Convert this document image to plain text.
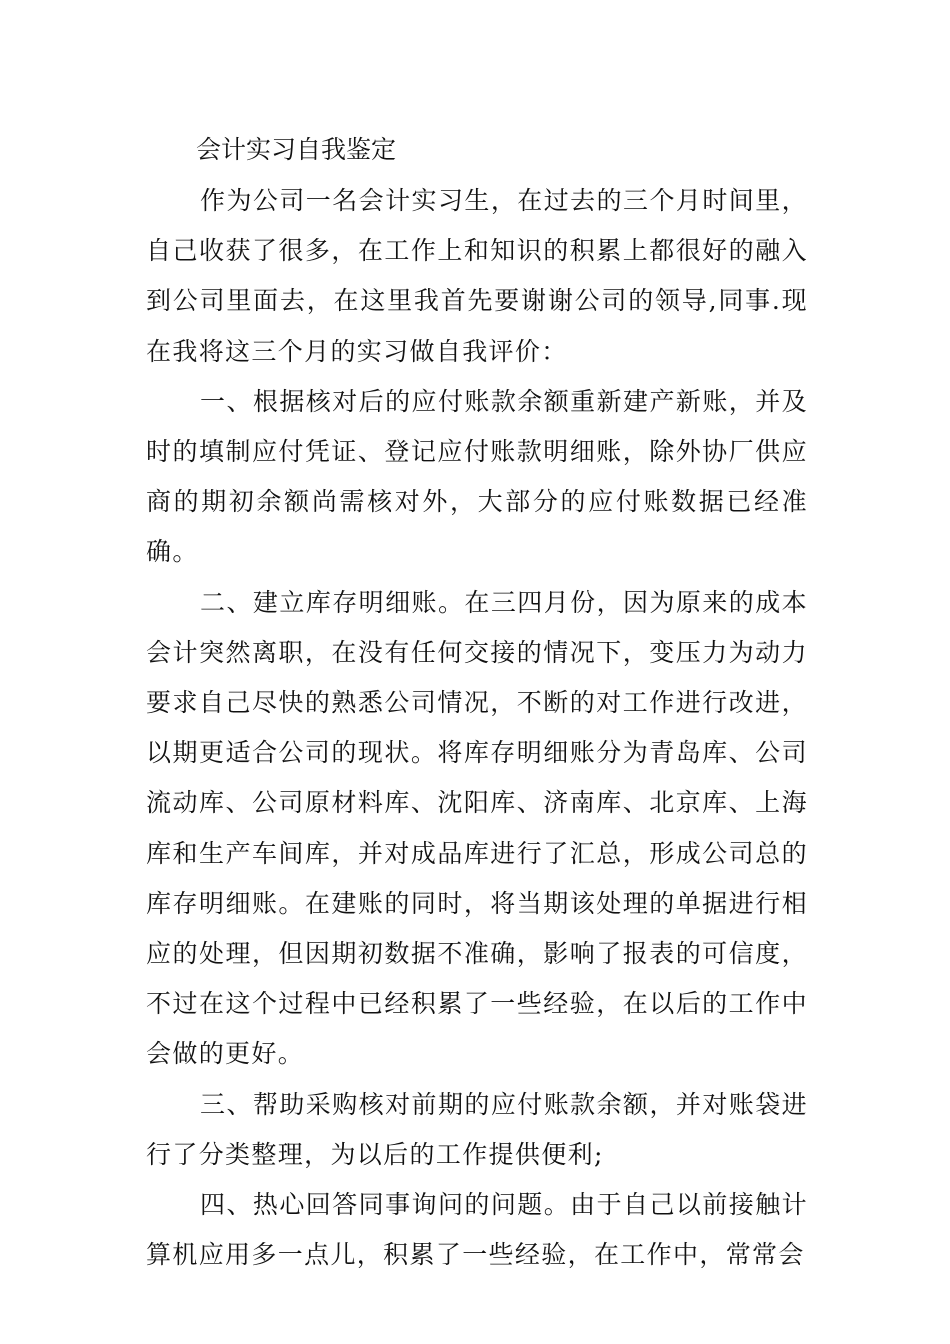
会计实习自我鉴定

作为公司一名会计实习生，在过去的三个月时间里，自己收获了很多，在工作上和知识的积累上都很好的融入到公司里面去，在这里我首先要谢谢公司的领导,同事.现在我将这三个月的实习做自我评价：

一、根据核对后的应付账款余额重新建产新账，并及时的填制应付凭证、登记应付账款明细账，除外协厂供应商的期初余额尚需核对外，大部分的应付账数据已经准确。

二、建立库存明细账。在三四月份，因为原来的成本会计突然离职，在没有任何交接的情况下，变压力为动力要求自己尽快的熟悉公司情况，不断的对工作进行改进，以期更适合公司的现状。将库存明细账分为青岛库、公司流动库、公司原材料库、沈阳库、济南库、北京库、上海库和生产车间库，并对成品库进行了汇总，形成公司总的库存明细账。在建账的同时，将当期该处理的单据进行相应的处理，但因期初数据不准确，影响了报表的可信度，不过在这个过程中已经积累了一些经验，在以后的工作中会做的更好。

三、帮助采购核对前期的应付账款余额，并对账袋进行了分类整理，为以后的工作提供便利;

四、热心回答同事询问的问题。由于自己以前接触计算机应用多一点儿，积累了一些经验，在工作中，常常会
